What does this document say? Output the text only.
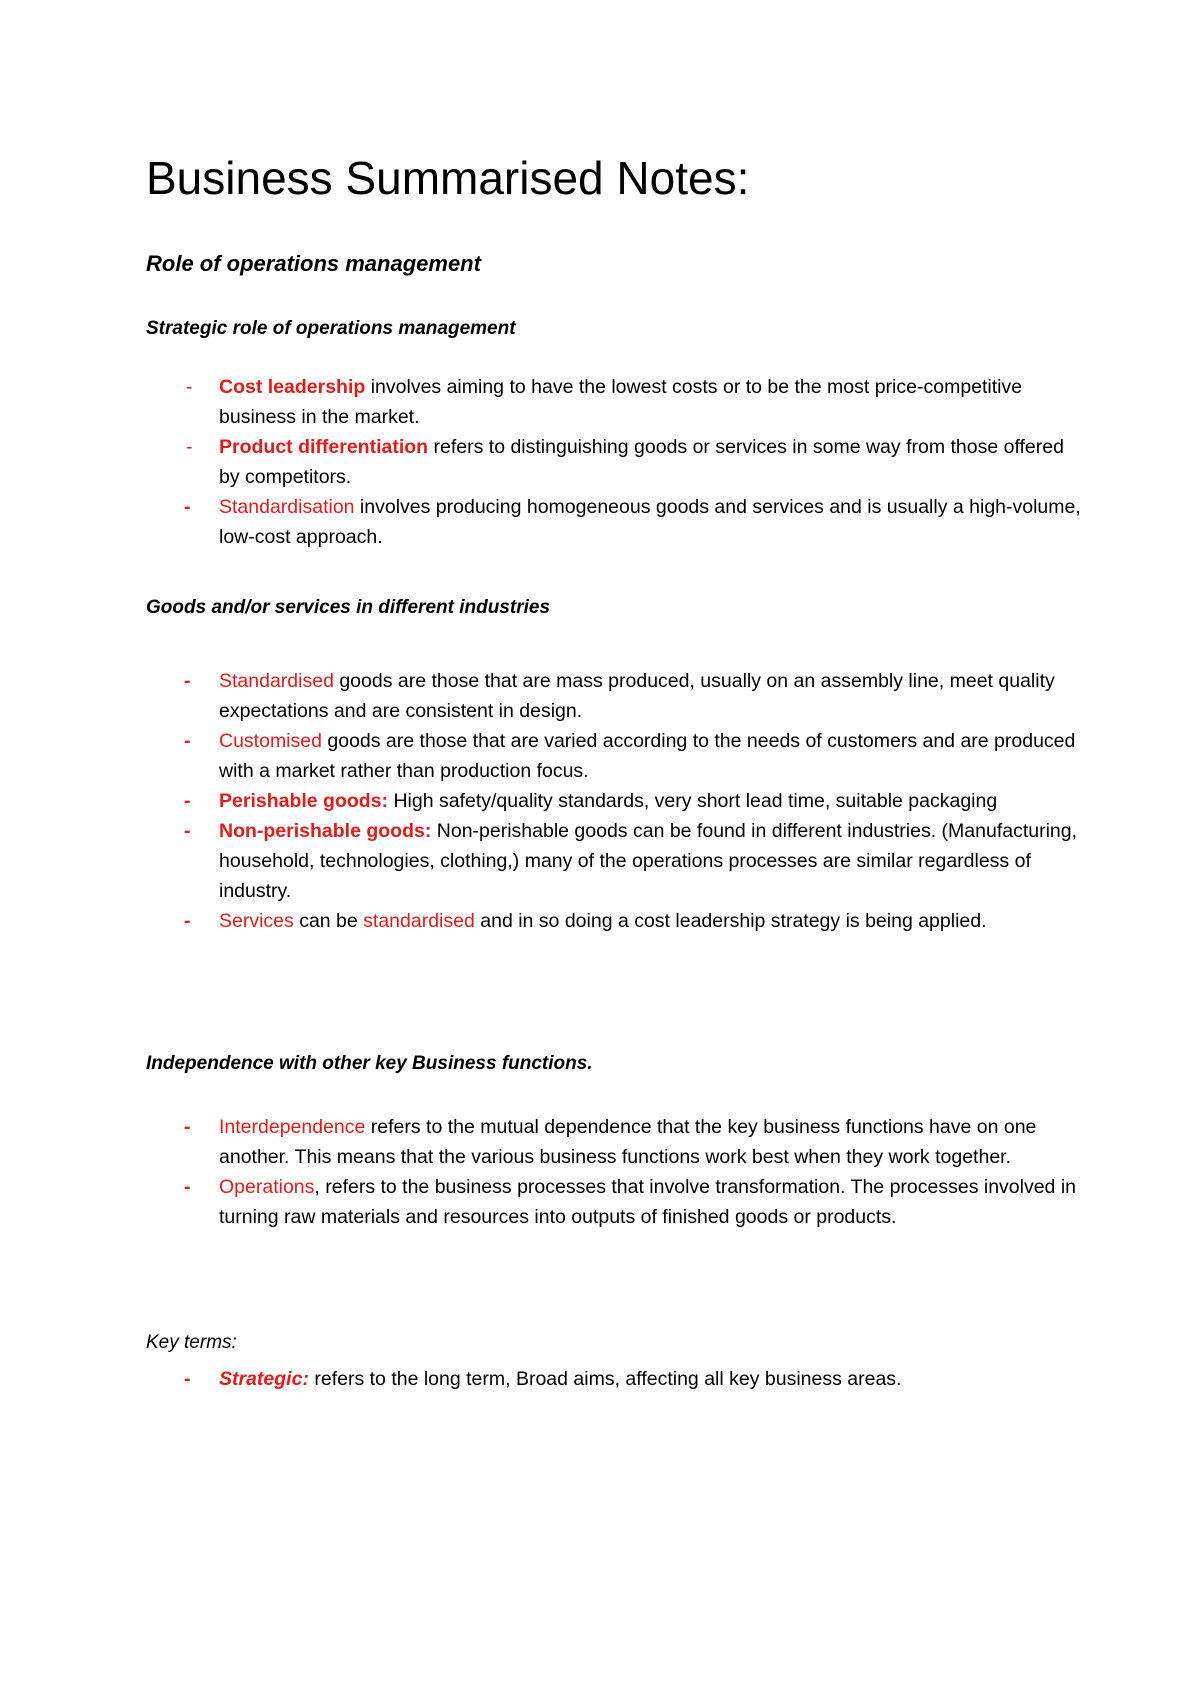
Business Summarised Notes:
Role of operations management
Strategic role of operations management
- Cost leadership involves aiming to have the lowest costs or to be the most price-competitive business in the market.
- Product differentiation refers to distinguishing goods or services in some way from those offered by competitors.
- Standardisation involves producing homogeneous goods and services and is usually a high-volume, low-cost approach.
Goods and/or services in different industries
- Standardised goods are those that are mass produced, usually on an assembly line, meet quality expectations and are consistent in design.
- Customised goods are those that are varied according to the needs of customers and are produced with a market rather than production focus.
- Perishable goods: High safety/quality standards, very short lead time, suitable packaging
- Non-perishable goods: Non-perishable goods can be found in different industries. (Manufacturing, household, technologies, clothing,) many of the operations processes are similar regardless of industry.
- Services can be standardised and in so doing a cost leadership strategy is being applied.
Independence with other key Business functions.
- Interdependence refers to the mutual dependence that the key business functions have on one another. This means that the various business functions work best when they work together.
- Operations, refers to the business processes that involve transformation. The processes involved in turning raw materials and resources into outputs of finished goods or products.
Key terms:
- Strategic: refers to the long term, Broad aims, affecting all key business areas.
